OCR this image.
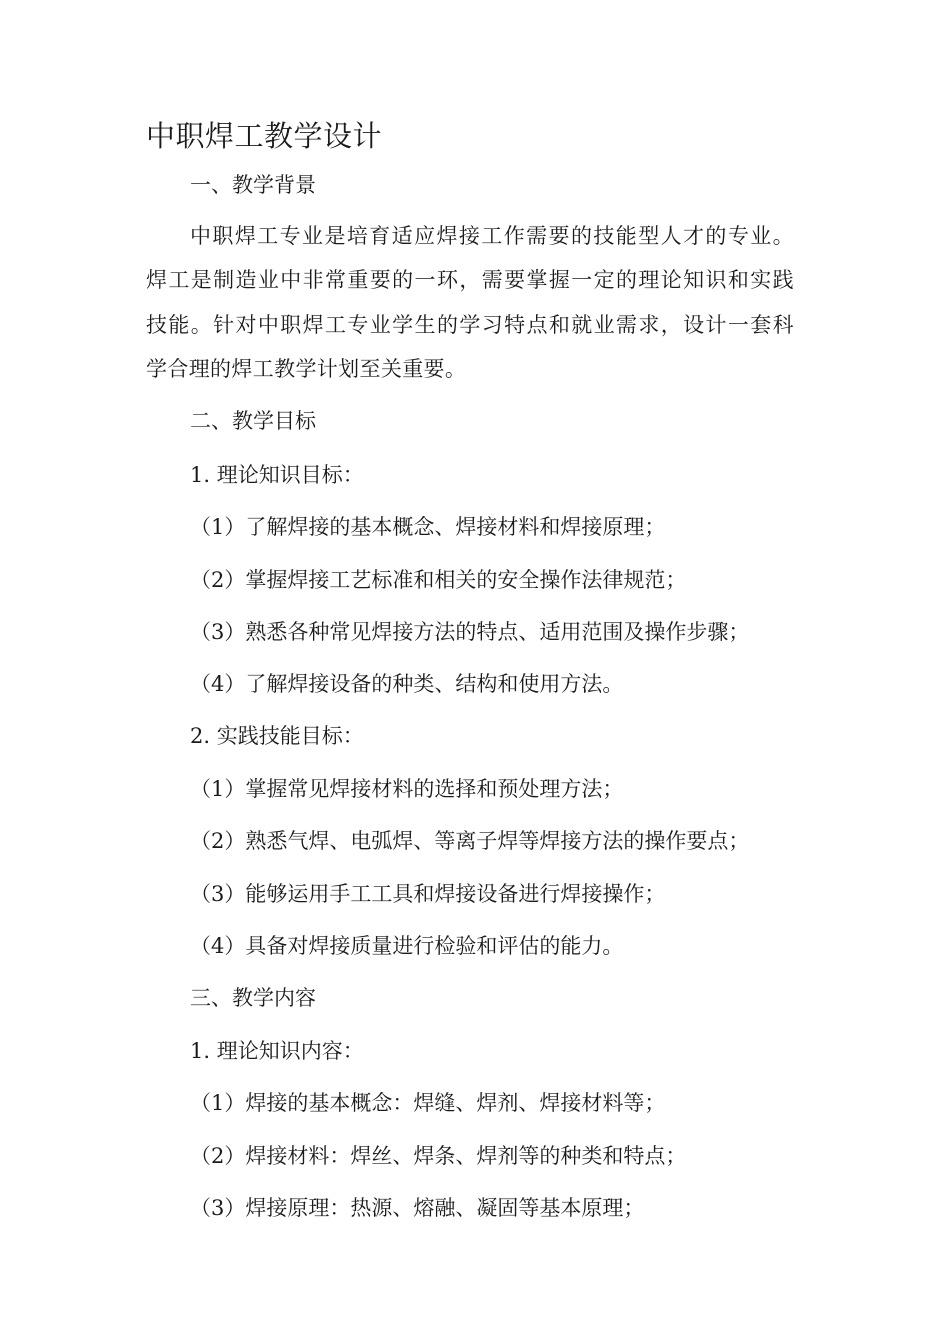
中职焊工教学设计

一、教学背景

中职焊工专业是培育适应焊接工作需要的技能型人才的专业。

焊工是制造业中非常重要的一环，需要掌握一定的理论知识和实践

技能。针对中职焊工专业学生的学习特点和就业需求，设计一套科

学合理的焊工教学计划至关重要。

二、教学目标

1. 理论知识目标：

（1）了解焊接的基本概念、焊接材料和焊接原理；

（2）掌握焊接工艺标准和相关的安全操作法律规范；

（3）熟悉各种常见焊接方法的特点、适用范围及操作步骤；

（4）了解焊接设备的种类、结构和使用方法。

2. 实践技能目标：

（1）掌握常见焊接材料的选择和预处理方法；

（2）熟悉气焊、电弧焊、等离子焊等焊接方法的操作要点；

（3）能够运用手工工具和焊接设备进行焊接操作；

（4）具备对焊接质量进行检验和评估的能力。

三、教学内容

1. 理论知识内容：

（1）焊接的基本概念：焊缝、焊剂、焊接材料等；

（2）焊接材料：焊丝、焊条、焊剂等的种类和特点；

（3）焊接原理：热源、熔融、凝固等基本原理；
